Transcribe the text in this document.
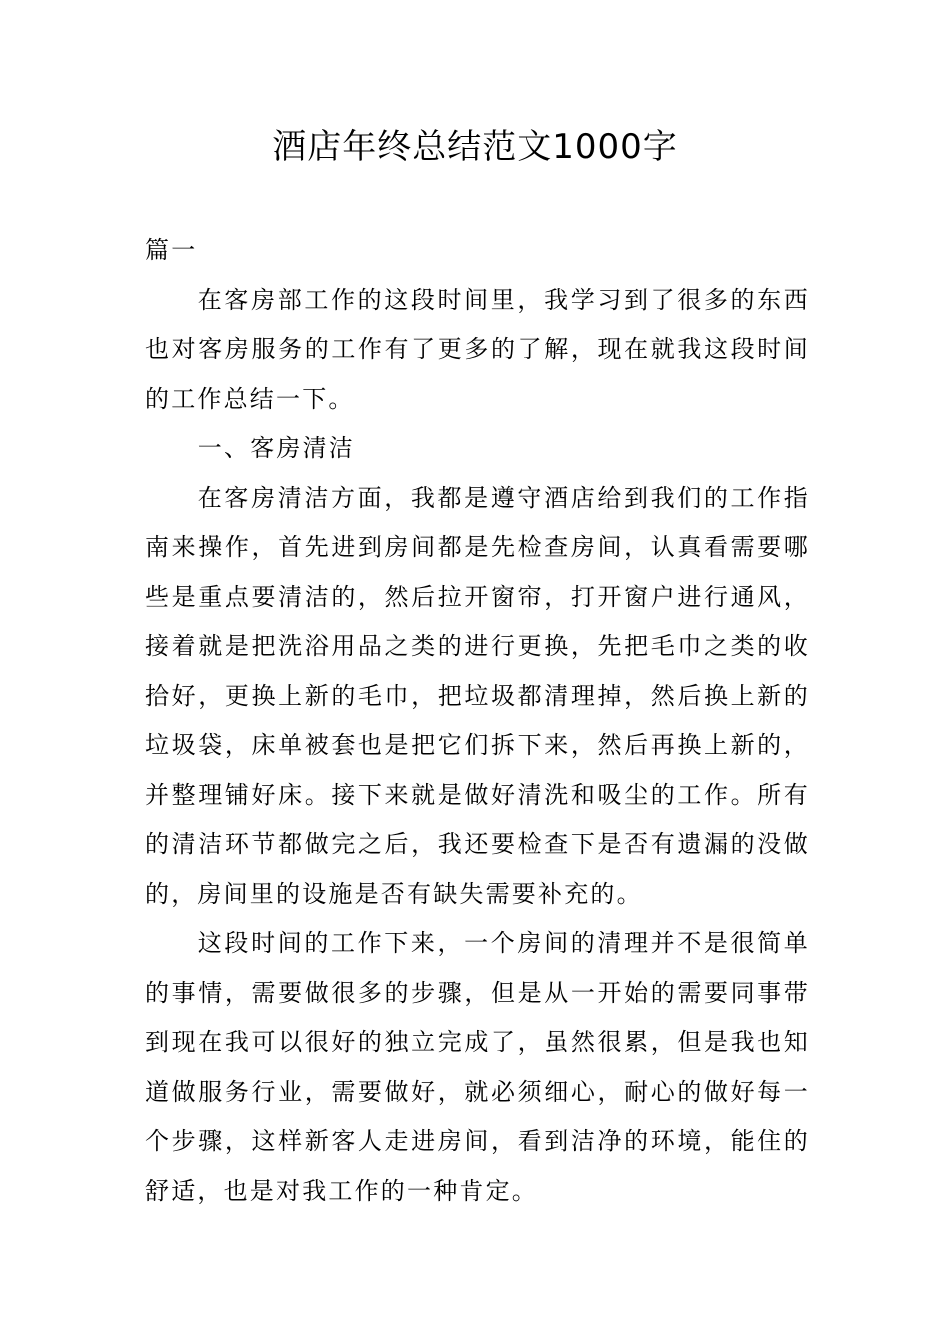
酒店年终总结范文1000字

篇一

在客房部工作的这段时间里，我学习到了很多的东西也对客房服务的工作有了更多的了解，现在就我这段时间的工作总结一下。

一、客房清洁

在客房清洁方面，我都是遵守酒店给到我们的工作指南来操作，首先进到房间都是先检查房间，认真看需要哪些是重点要清洁的，然后拉开窗帘，打开窗户进行通风，接着就是把洗浴用品之类的进行更换，先把毛巾之类的收拾好，更换上新的毛巾，把垃圾都清理掉，然后换上新的垃圾袋，床单被套也是把它们拆下来，然后再换上新的，并整理铺好床。接下来就是做好清洗和吸尘的工作。所有的清洁环节都做完之后，我还要检查下是否有遗漏的没做的，房间里的设施是否有缺失需要补充的。

这段时间的工作下来，一个房间的清理并不是很简单的事情，需要做很多的步骤，但是从一开始的需要同事带到现在我可以很好的独立完成了，虽然很累，但是我也知道做服务行业，需要做好，就必须细心，耐心的做好每一个步骤，这样新客人走进房间，看到洁净的环境，能住的舒适，也是对我工作的一种肯定。
